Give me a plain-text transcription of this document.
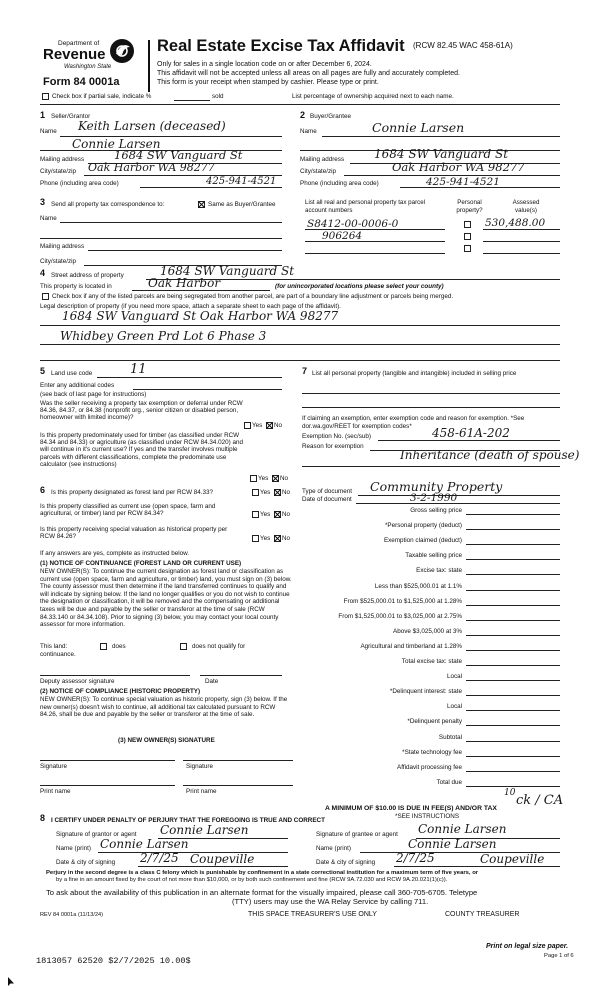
Department of
Revenue
Washington State
Form 84 0001a
Real Estate Excise Tax Affidavit (RCW 82.45 WAC 458-61A)
Only for sales in a single location code on or after December 6, 2024.
This affidavit will not be accepted unless all areas on all pages are fully and accurately completed.
This form is your receipt when stamped by cashier. Please type or print.
Check box if partial sale, indicate %	sold	List percentage of ownership acquired next to each name.
1 Seller/Grantor
Name Keith Larsen (deceased)
Connie Larsen
Mailing address	1684 SW Vanguard St
City/state/zip Oak Harbor WA 98277
Phone (including area code)	425-941-4521
2 Buyer/Grantee
Name	Connie Larsen
Mailing address 1684 SW Vanguard St
City/state/zip	Oak Harbor WA 98277
Phone (including area code)	425-941-4521
3 Send all property tax correspondence to:	Same as Buyer/Grantee
Name
Mailing address
City/state/zip
List all real and personal property tax parcel account numbers
Personal property?
Assessed value(s)
S8412-00-0006-0	530,488.00
906264
4 Street address of property	1684 SW Vanguard St
This property is located in	Oak Harbor	(for unincorporated locations please select your county)
Check box if any of the listed parcels are being segregated from another parcel, are part of a boundary line adjustment or parcels being merged.
Legal description of property (if you need more space, attach a separate sheet to each page of the affidavit).
1684 SW Vanguard St Oak Harbor WA 98277
Whidbey Green Prd Lot 6 Phase 3
5 Land use code	11
Enter any additional codes
(see back of last page for instructions)
Was the seller receiving a property tax exemption or deferral under RCW 84.36, 84.37, or 84.38 (nonprofit org., senior citizen or disabled person, homeowner with limited income)?
Yes No
Is this property predominately used for timber (as classified under RCW 84.34 and 84.33) or agriculture (as classified under RCW 84.34.020) and will continue in it's current use? If yes and the transfer involves multiple parcels with different classifications, complete the predominate use calculator (see instructions)
Yes No
6 Is this property designated as forest land per RCW 84.33?	Yes No
Is this property classified as current use (open space, farm and agricultural, or timber) land per RCW 84.34?	Yes No
Is this property receiving special valuation as historical property per RCW 84.26?	Yes No
If any answers are yes, complete as instructed below.
(1) NOTICE OF CONTINUANCE (FOREST LAND OR CURRENT USE)
NEW OWNER(S): To continue the current designation as forest land or classification as current use (open space, farm and agriculture, or timber) land, you must sign on (3) below. The county assessor must then determine if the land transferred continues to qualify and will indicate by signing below. If the land no longer qualifies or you do not wish to continue the designation or classification, it will be removed and the compensating or additional taxes will be due and payable by the seller or transferor at the time of sale (RCW 84.33.140 or 84.34.108). Prior to signing (3) below, you may contact your local county assessor for more information.
This land:	does	does not qualify for
continuance.
Deputy assessor signature	Date
(2) NOTICE OF COMPLIANCE (HISTORIC PROPERTY)
NEW OWNER(S): To continue special valuation as historic property, sign (3) below. If the new owner(s) doesn't wish to continue, all additional tax calculated pursuant to RCW 84.26, shall be due and payable by the seller or transferor at the time of sale.
(3) NEW OWNER(S) SIGNATURE
Signature	Signature
Print name	Print name
7 List all personal property (tangible and intangible) included in selling price
If claiming an exemption, enter exemption code and reason for exemption. *See dor.wa.gov/REET for exemption codes*
Exemption No. (sec/sub)	458-61A-202
Reason for exemption
Inheritance (death of spouse)
Type of document Community Property
Date of document	3-2-1990
Gross selling price
*Personal property (deduct)
Exemption claimed (deduct)
Taxable selling price
Excise tax: state
Less than $525,000.01 at 1.1%
From $525,000.01 to $1,525,000 at 1.28%
From $1,525,000.01 to $3,025,000 at 2.75%
Above $3,025,000 at 3%
Agricultural and timberland at 1.28%
Total excise tax: state
Local
*Delinquent interest: state
Local
*Delinquent penalty
Subtotal
*State technology fee
Affidavit processing fee
Total due
10 ck / CA
A MINIMUM OF $10.00 IS DUE IN FEE(S) AND/OR TAX
*SEE INSTRUCTIONS
8 I CERTIFY UNDER PENALTY OF PERJURY THAT THE FOREGOING IS TRUE AND CORRECT
Signature of grantor or agent Connie Larsen
Name (print) Connie Larsen
Date & city of signing 2/7/25 Coupeville
Signature of grantee or agent Connie Larsen
Name (print)	Connie Larsen
Date & city of signing 2/7/25	Coupeville
Perjury in the second degree is a class C felony which is punishable by confinement in a state correctional institution for a maximum term of five years, or
by a fine in an amount fixed by the court of not more than $10,000, or by both such confinement and fine (RCW 9A.72.030 and RCW 9A.20.021(1)(c)).
To ask about the availability of this publication in an alternate format for the visually impaired, please call 360-705-6705. Teletype
(TTY) users may use the WA Relay Service by calling 711.
REV 84 0001a (11/13/24)	THIS SPACE TREASURER'S USE ONLY	COUNTY TREASURER
Print on legal size paper.
Page 1 of 6
1813057 62520 $2/7/2025 10.00$
